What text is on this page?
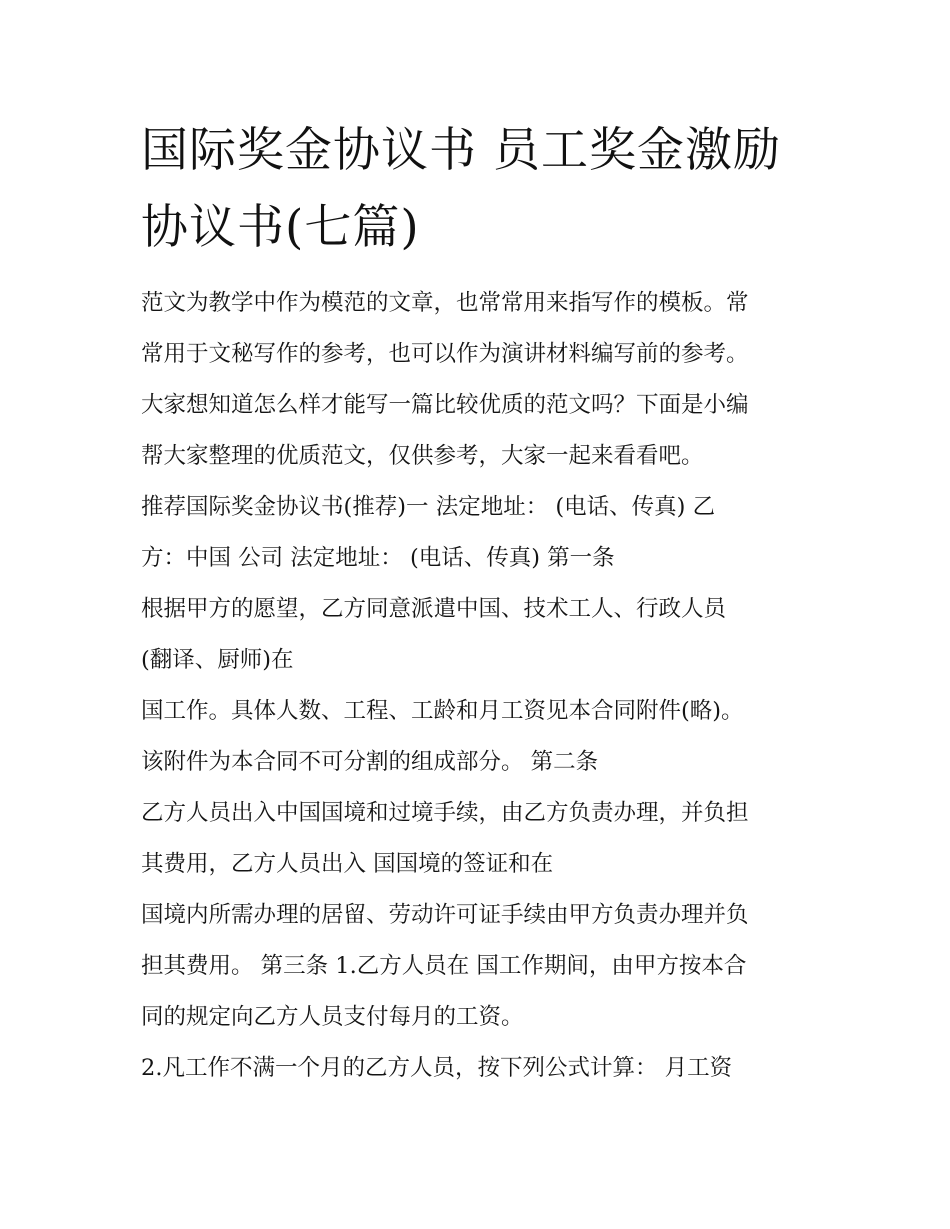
国际奖金协议书 员工奖金激励
协议书(七篇)
范文为教学中作为模范的文章，也常常用来指写作的模板。常
常用于文秘写作的参考，也可以作为演讲材料编写前的参考。
大家想知道怎么样才能写一篇比较优质的范文吗？下面是小编
帮大家整理的优质范文，仅供参考，大家一起来看看吧。
推荐国际奖金协议书(推荐)一 法定地址： (电话、传真) 乙
方：中国 公司 法定地址： (电话、传真) 第一条
根据甲方的愿望，乙方同意派遣中国、技术工人、行政人员
(翻译、厨师)在
国工作。具体人数、工程、工龄和月工资见本合同附件(略)。
该附件为本合同不可分割的组成部分。 第二条
乙方人员出入中国国境和过境手续，由乙方负责办理，并负担
其费用，乙方人员出入 国国境的签证和在
国境内所需办理的居留、劳动许可证手续由甲方负责办理并负
担其费用。 第三条 1.乙方人员在 国工作期间，由甲方按本合
同的规定向乙方人员支付每月的工资。
2.凡工作不满一个月的乙方人员，按下列公式计算： 月工资
